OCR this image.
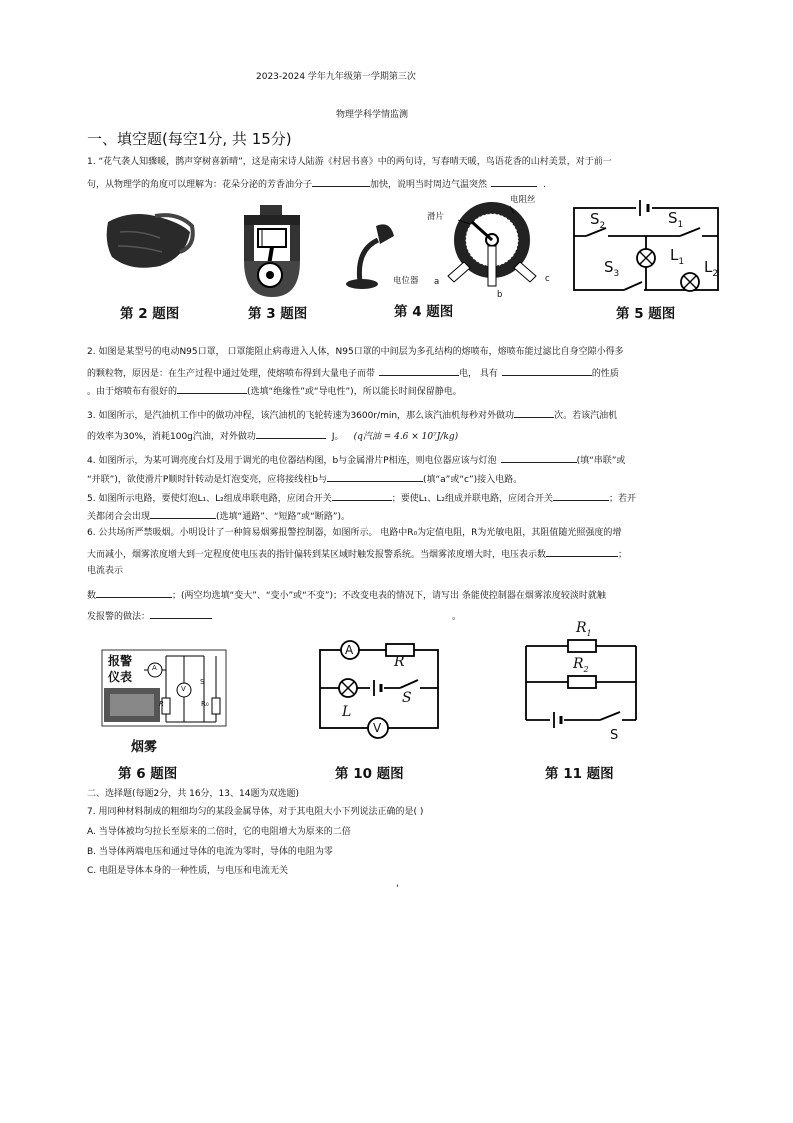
2023-2024 学年九年级第一学期第三次
物理学科学情监测
一、填空题(每空1分, 共 15分)
1. “花气袭人知骤暖，鹊声穿树喜新晴”，这是南宋诗人陆游《村居书喜》中的两句诗，写春晴天暖，鸟语花香的山村美景，对于前一
句，从物理学的角度可以理解为：花朵分泌的芳香油分子	加快，说明当时周边气温突然	.
第 2 题图	第 3 题图
电位器
滑片
电阻丝
a
b
c
第 4 题图
$S_2$	$S_1$
$S_3$
$L_1$ $L_2$
第 5 题图
2. 如图是某型号的电动N95口罩， 口罩能阻止病毒进入人体，N95口罩的中间层为多孔结构的熔喷布，熔喷布能过滤比自身空隙小得多
的颗粒物，原因是：在生产过程中通过处理，使熔喷布得到大量电子而带	电， 具有	的性质
。由于熔喷布有很好的	(选填“绝缘性”或“导电性”)，所以能长时间保留静电。
3. 如图所示，是汽油机工作中的做功冲程，该汽油机的飞轮转速为3600r/min，那么该汽油机每秒对外做功	次。若该汽油机
的效率为30%，消耗100g汽油，对外做功	J。 (q汽油 = 4.6 × 10⁷J/kg)
4. 如图所示，为某可调亮度台灯及用于调光的电位器结构图，b与金属滑片P相连，则电位器应该与灯泡	(填“串联”或
“并联”)，欲使滑片P顺时针转动是灯泡变亮，应将接线柱b与	(填“a”或“c”)接入电路。
5. 如图所示电路，要使灯泡L₁、L₂组成串联电路，应闭合开关	；要使L₁、L₂组成并联电路，应闭合开关	；若开
关都闭合会出现	(选填“通路”、“短路”或“断路”)。
6. 公共场所严禁吸烟。小明设计了一种简易烟雾报警控制器，如图所示。 电路中R₀为定值电阻，R为光敏电阻，其阻值随光照强度的增
大而减小，烟雾浓度增大到一定程度使电压表的指针偏转到某区域时触发报警系统。当烟雾浓度增大时，电压表示数	；
电流表示
数	；(两空均选填“变大”、“变小”或“不变”)；不改变电表的情况下，请写出 条能使控制器在烟雾浓度较淡时就触
发报警的做法：	。
报警
仪表
A
V
R
S
R₀
烟雾
第 6 题图
A
R
L
S
V
第 10 题图
$R_1$
$R_2$
S
第 11 题图
二、选择题(每题2分，共 16分，13、14题为双选题)
7. 用同种材料制成的粗细均匀的某段金属导体，对于其电阻大小下列说法正确的是( )
A. 当导体被均匀拉长至原来的二倍时，它的电阻增大为原来的二倍
B. 当导体两端电压和通过导体的电流为零时，导体的电阻为零
C. 电阻是导体本身的一种性质，与电压和电流无关
'
